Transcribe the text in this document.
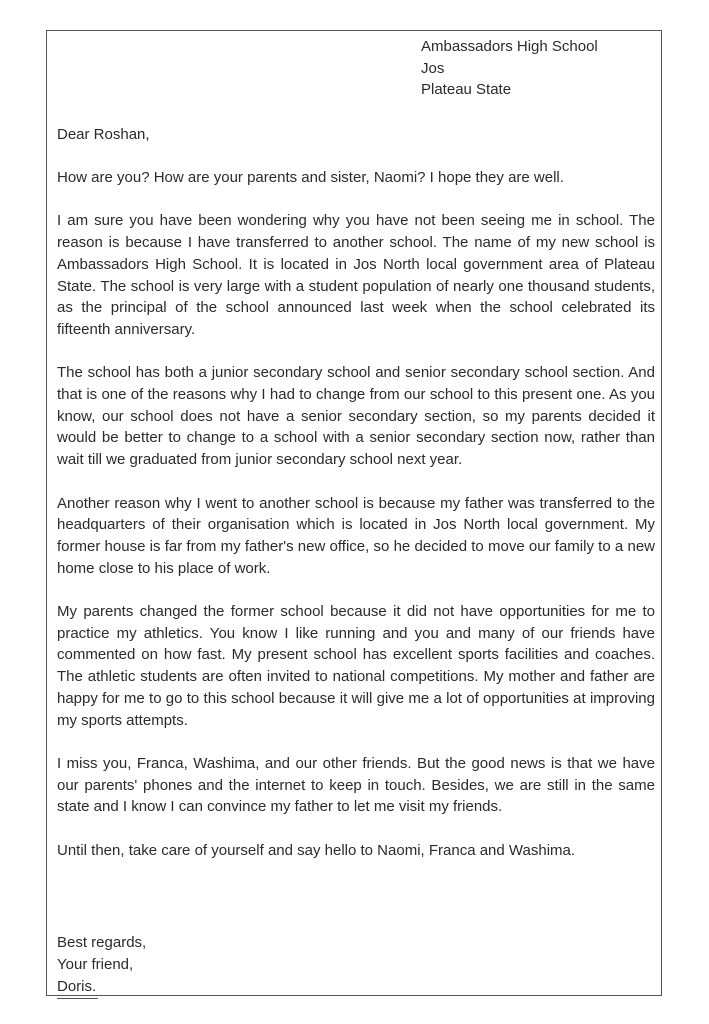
Ambassadors High School
Jos
Plateau State

Dear Roshan,

How are you? How are your parents and sister, Naomi? I hope they are well.

I am sure you have been wondering why you have not been seeing me in school. The reason is because I have transferred to another school. The name of my new school is Ambassadors High School. It is located in Jos North local government area of Plateau State. The school is very large with a student population of nearly one thousand students, as the principal of the school announced last week when the school celebrated its fifteenth anniversary.

The school has both a junior secondary school and senior secondary school section. And that is one of the reasons why I had to change from our school to this present one. As you know, our school does not have a senior secondary section, so my parents decided it would be better to change to a school with a senior secondary section now, rather than wait till we graduated from junior secondary school next year.

Another reason why I went to another school is because my father was transferred to the headquarters of their organisation which is located in Jos North local government. My former house is far from my father's new office, so he decided to move our family to a new home close to his place of work.

My parents changed the former school because it did not have opportunities for me to practice my athletics. You know I like running and you and many of our friends have commented on how fast. My present school has excellent sports facilities and coaches. The athletic students are often invited to national competitions. My mother and father are happy for me to go to this school because it will give me a lot of opportunities at improving my sports attempts.

I miss you, Franca, Washima, and our other friends. But the good news is that we have our parents' phones and the internet to keep in touch. Besides, we are still in the same state and I know I can convince my father to let me visit my friends.

Until then, take care of yourself and say hello to Naomi, Franca and Washima.

Best regards,
Your friend,
Doris.
